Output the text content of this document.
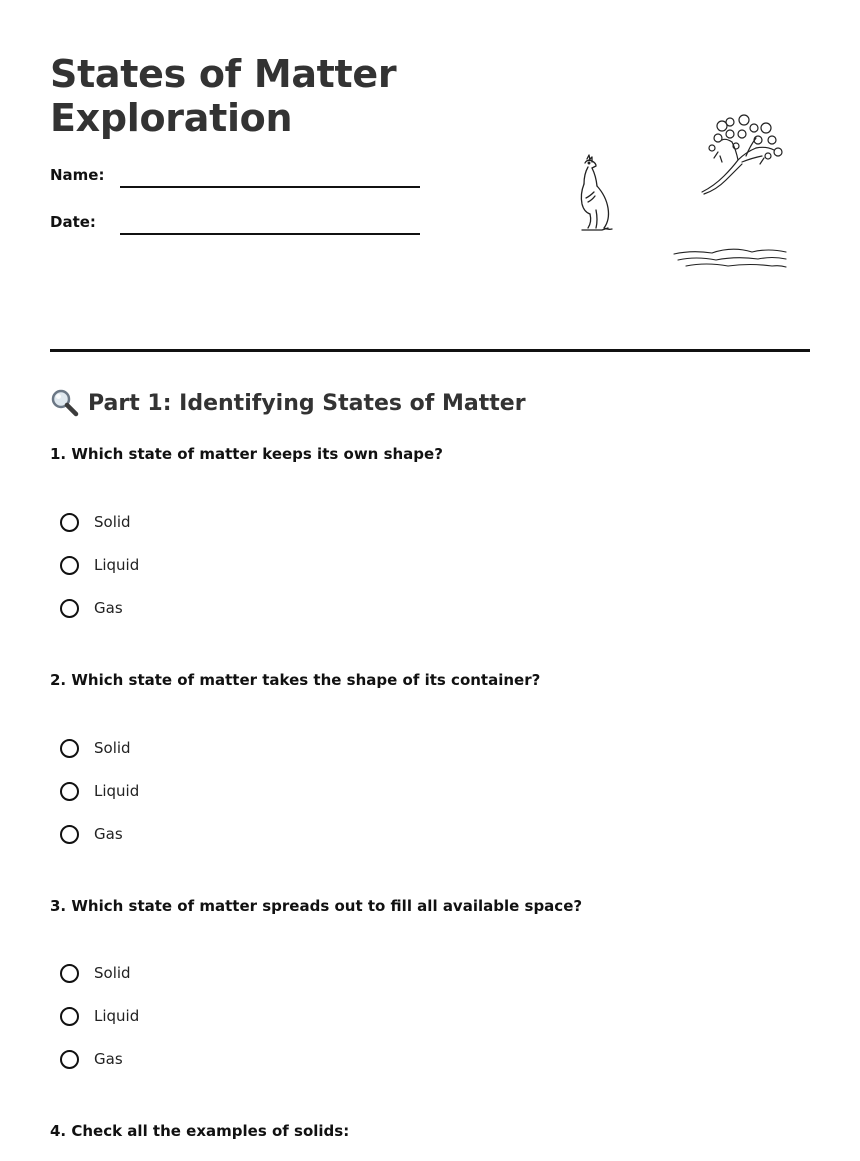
States of Matter
Exploration
Name:
Date:
Part 1: Identifying States of Matter

1. Which state of matter keeps its own shape?

Solid
Liquid
Gas

2. Which state of matter takes the shape of its container?

Solid
Liquid
Gas

3. Which state of matter spreads out to fill all available space?

Solid
Liquid
Gas

4. Check all the examples of solids:
